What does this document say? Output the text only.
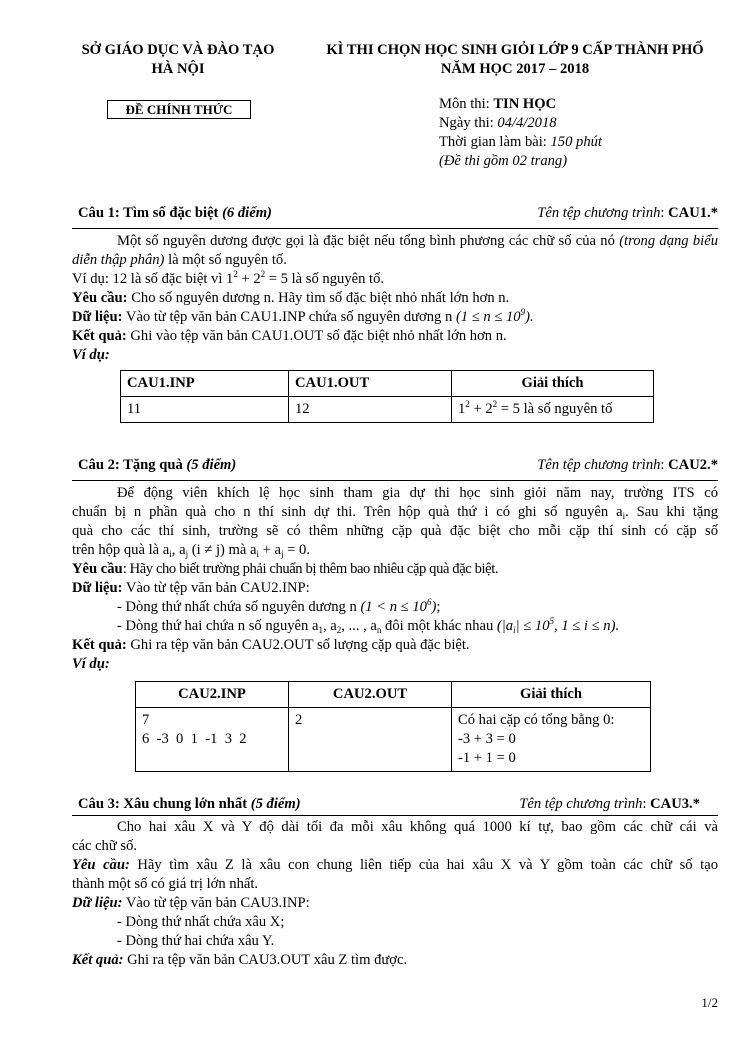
SỞ GIÁO DỤC VÀ ĐÀO TẠO
HÀ NỘI
KÌ THI CHỌN HỌC SINH GIỎI LỚP 9 CẤP THÀNH PHỐ
NĂM HỌC 2017 – 2018
ĐỀ CHÍNH THỨC	Môn thi: TIN HỌC
Ngày thi: 04/4/2018
Thời gian làm bài: 150 phút
(Đề thi gồm 02 trang)
Câu 1: Tìm số đặc biệt (6 điểm)	Tên tệp chương trình: CAU1.*
Một số nguyên dương được gọi là đặc biệt nếu tổng bình phương các chữ số của nó (trong dạng biểu diễn thập phân) là một số nguyên tố.
Ví dụ: 12 là số đặc biệt vì $1^2 + 2^2 = 5$ là số nguyên tố.
Yêu cầu: Cho số nguyên dương n. Hãy tìm số đặc biệt nhỏ nhất lớn hơn n.
Dữ liệu: Vào từ tệp văn bản CAU1.INP chứa số nguyên dương n $(1 \le n \le 10^9)$.
Kết quả: Ghi vào tệp văn bản CAU1.OUT số đặc biệt nhỏ nhất lớn hơn n.
Ví dụ:
CAU1.INP	CAU1.OUT	Giải thích
11	12	$1^2 + 2^2 = 5$ là số nguyên tố
Câu 2: Tặng quà (5 điểm)	Tên tệp chương trình: CAU2.*
Để động viên khích lệ học sinh tham gia dự thi học sinh giỏi năm nay, trường ITS có
chuẩn bị n phần quà cho n thí sinh dự thi. Trên hộp quà thứ i có ghi số nguyên $a_i$. Sau khi tặng
quà cho các thí sinh, trường sẽ có thêm những cặp quà đặc biệt cho mỗi cặp thí sinh có cặp số
trên hộp quà là $a_i$, $a_j$ (i ≠ j) mà $a_i + a_j = 0$.
Yêu cầu: Hãy cho biết trường phải chuẩn bị thêm bao nhiêu cặp quà đặc biệt.
Dữ liệu: Vào từ tệp văn bản CAU2.INP:
- Dòng thứ nhất chứa số nguyên dương n $(1 < n \le 10^6)$;
- Dòng thứ hai chứa n số nguyên $a_1$, $a_2$, ... , $a_n$ đôi một khác nhau ($|a_i| \le 10^5$, 1 ≤ i ≤ n).
Kết quả: Ghi ra tệp văn bản CAU2.OUT số lượng cặp quà đặc biệt.
Ví dụ:
CAU2.INP	CAU2.OUT	Giải thích

7
6  -3  0  1  -1  3  2	2	Có hai cặp có tổng bằng 0:
-3 + 3 = 0
-1 + 1 = 0
Câu 3: Xâu chung lớn nhất (5 điểm)	Tên tệp chương trình: CAU3.*
Cho hai xâu X và Y độ dài tối đa mỗi xâu không quá 1000 kí tự, bao gồm các chữ cái và
các chữ số.
Yêu cầu: Hãy tìm xâu Z là xâu con chung liên tiếp của hai xâu X và Y gồm toàn các chữ số tạo
thành một số có giá trị lớn nhất.
Dữ liệu: Vào từ tệp văn bản CAU3.INP:
- Dòng thứ nhất chứa xâu X;
- Dòng thứ hai chứa xâu Y.
Kết quả: Ghi ra tệp văn bản CAU3.OUT xâu Z tìm được.
1/2
